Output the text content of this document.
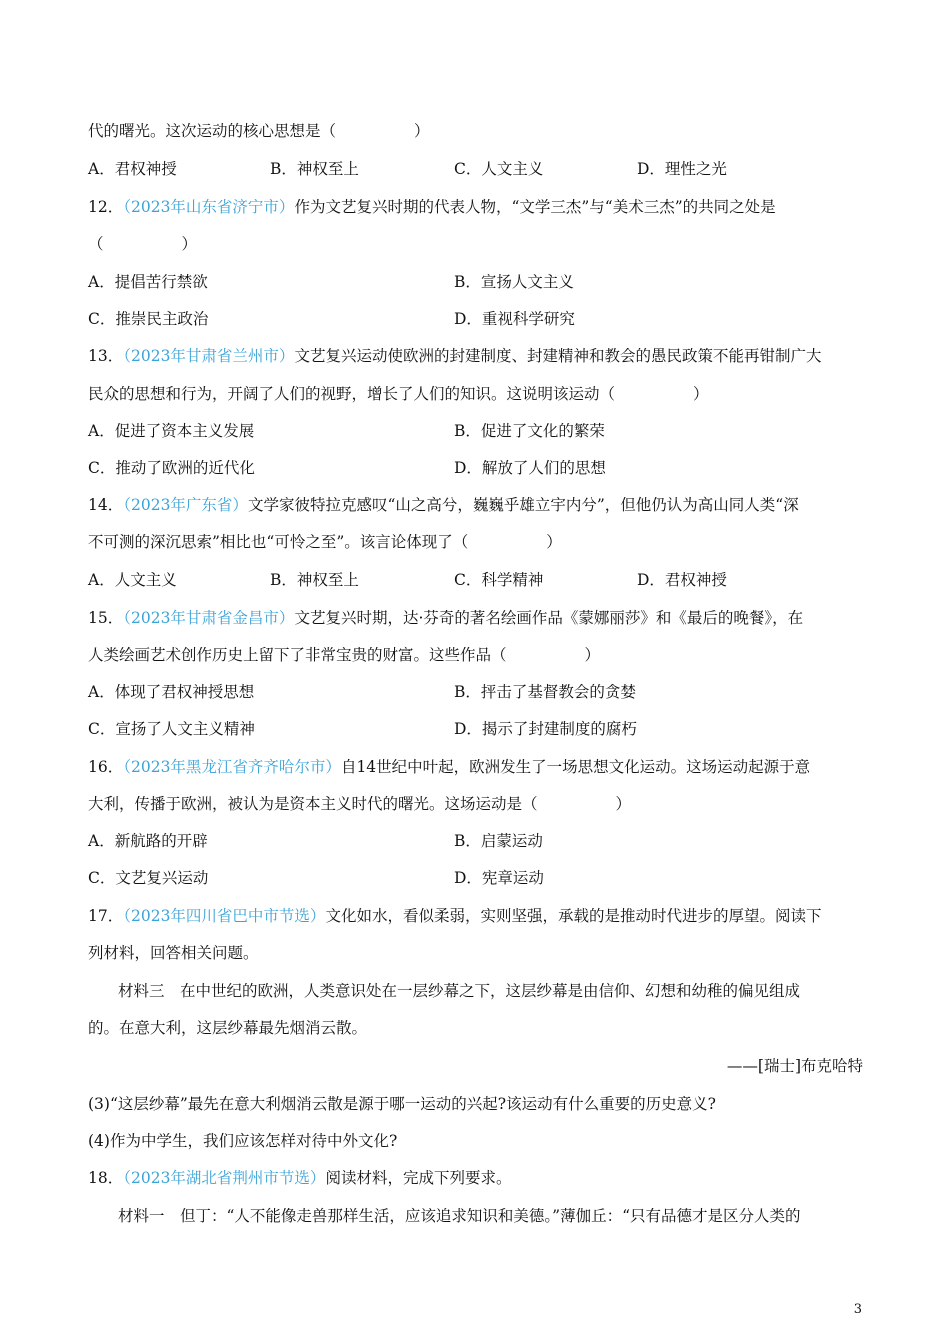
代的曙光。这次运动的核心思想是（	）
A．君权神授	B．神权至上	C．人文主义	D．理性之光
12．（2023年山东省济宁市）作为文艺复兴时期的代表人物，“文学三杰”与“美术三杰”的共同之处是
（	）
A．提倡苦行禁欲	B．宣扬人文主义
C．推崇民主政治	D．重视科学研究
13．（2023年甘肃省兰州市）文艺复兴运动使欧洲的封建制度、封建精神和教会的愚民政策不能再钳制广大
民众的思想和行为，开阔了人们的视野，增长了人们的知识。这说明该运动（	）
A．促进了资本主义发展	B．促进了文化的繁荣
C．推动了欧洲的近代化	D．解放了人们的思想
14．（2023年广东省）文学家彼特拉克感叹“山之高兮，巍巍乎雄立宇内兮”，但他仍认为高山同人类“深
不可测的深沉思索”相比也“可怜之至”。该言论体现了（	）
A．人文主义	B．神权至上	C．科学精神	D．君权神授
15．（2023年甘肃省金昌市）文艺复兴时期，达·芬奇的著名绘画作品《蒙娜丽莎》和《最后的晚餐》，在
人类绘画艺术创作历史上留下了非常宝贵的财富。这些作品（	）
A．体现了君权神授思想	B．抨击了基督教会的贪婪
C．宣扬了人文主义精神	D．揭示了封建制度的腐朽
16．（2023年黑龙江省齐齐哈尔市）自14世纪中叶起，欧洲发生了一场思想文化运动。这场运动起源于意
大利，传播于欧洲，被认为是资本主义时代的曙光。这场运动是（	）
A．新航路的开辟	B．启蒙运动
C．文艺复兴运动	D．宪章运动
17．（2023年四川省巴中市节选）文化如水，看似柔弱，实则坚强，承载的是推动时代进步的厚望。阅读下
列材料，回答相关问题。
材料三　在中世纪的欧洲，人类意识处在一层纱幕之下，这层纱幕是由信仰、幻想和幼稚的偏见组成
的。在意大利，这层纱幕最先烟消云散。
——[瑞士]布克哈特
(3)“这层纱幕”最先在意大利烟消云散是源于哪一运动的兴起?该运动有什么重要的历史意义?
(4)作为中学生，我们应该怎样对待中外文化?
18．（2023年湖北省荆州市节选）阅读材料，完成下列要求。
材料一　但丁：“人不能像走兽那样生活，应该追求知识和美德。”薄伽丘：“只有品德才是区分人类的
3
